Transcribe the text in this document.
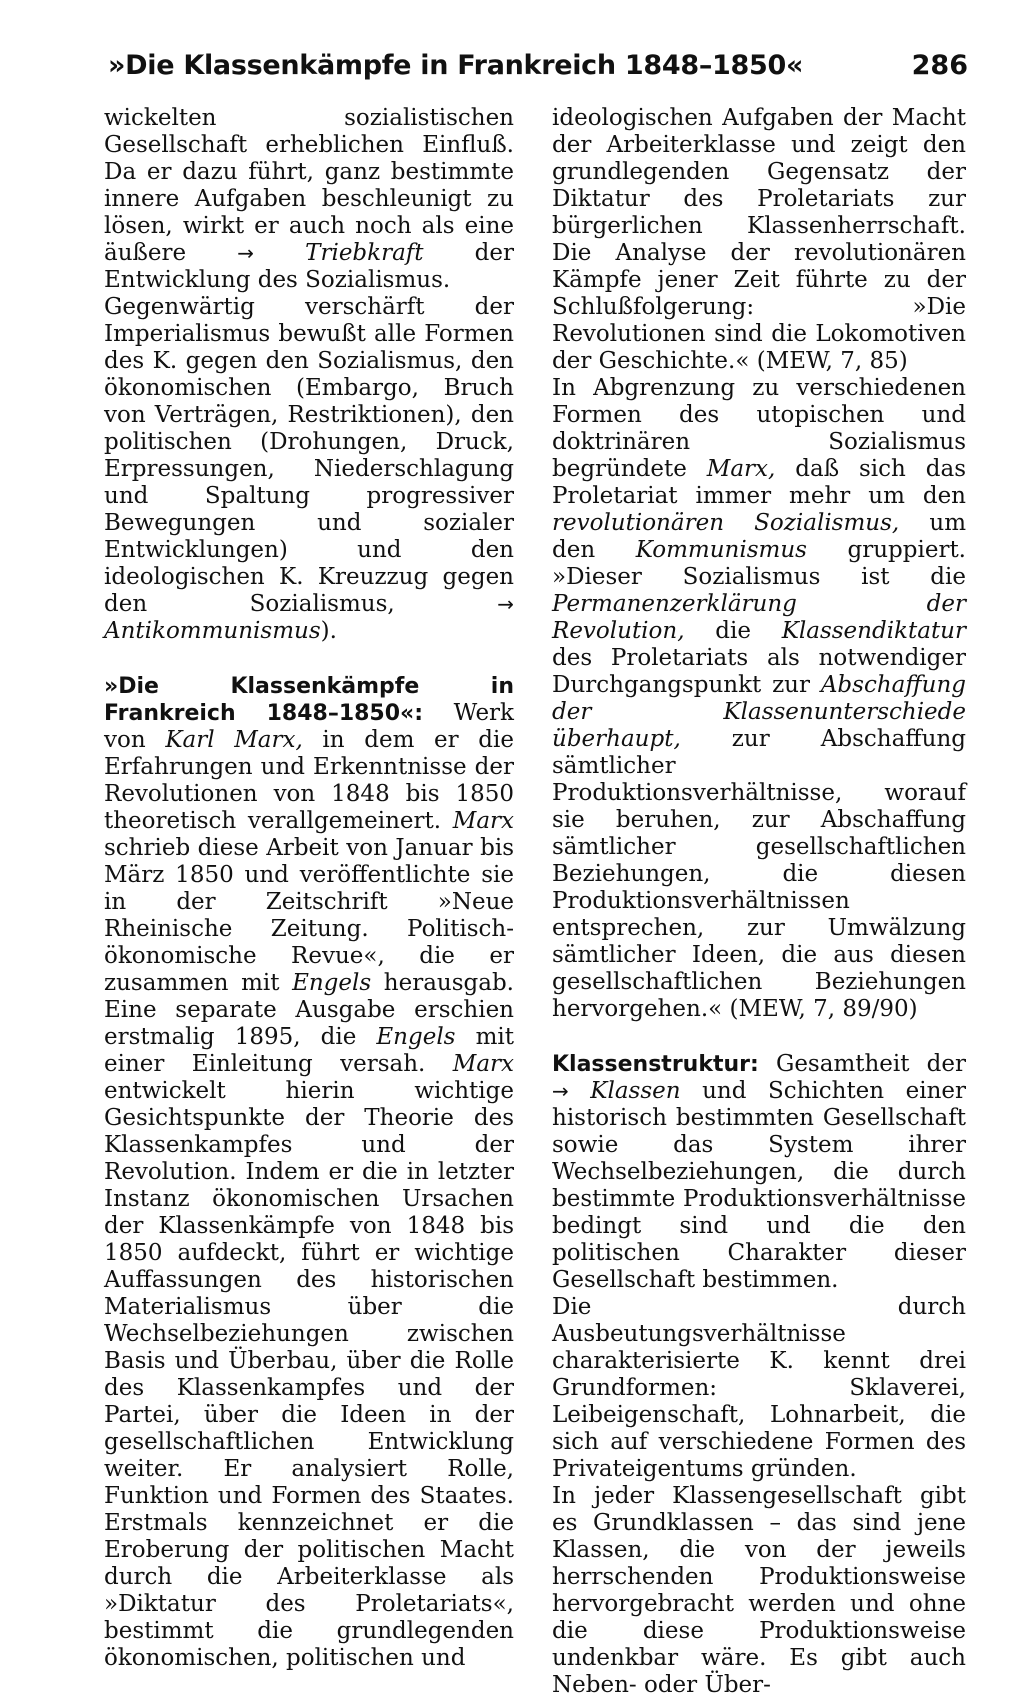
»Die Klassenkämpfe in Frankreich 1848–1850«	286

wickelten sozialistischen Gesellschaft erheblichen Einfluß. Da er dazu führt, ganz bestimmte innere Aufgaben beschleunigt zu lösen, wirkt er auch noch als eine äußere → Triebkraft der Entwicklung des Sozialismus.

Gegenwärtig verschärft der Imperialismus bewußt alle Formen des K. gegen den Sozialismus, den ökonomischen (Embargo, Bruch von Verträgen, Restriktionen), den politischen (Drohungen, Druck, Erpressungen, Niederschlagung und Spaltung progressiver Bewegungen und sozialer Entwicklungen) und den ideologischen K. Kreuzzug gegen den Sozialismus, → Antikommunismus).

»Die Klassenkämpfe in Frankreich 1848–1850«: Werk von Karl Marx, in dem er die Erfahrungen und Erkenntnisse der Revolutionen von 1848 bis 1850 theoretisch verallgemeinert. Marx schrieb diese Arbeit von Januar bis März 1850 und veröffentlichte sie in der Zeitschrift »Neue Rheinische Zeitung. Politisch-ökonomische Revue«, die er zusammen mit Engels herausgab. Eine separate Ausgabe erschien erstmalig 1895, die Engels mit einer Einleitung versah. Marx entwickelt hierin wichtige Gesichtspunkte der Theorie des Klassenkampfes und der Revolution. Indem er die in letzter Instanz ökonomischen Ursachen der Klassenkämpfe von 1848 bis 1850 aufdeckt, führt er wichtige Auffassungen des historischen Materialismus über die Wechselbeziehungen zwischen Basis und Überbau, über die Rolle des Klassenkampfes und der Partei, über die Ideen in der gesellschaftlichen Entwicklung weiter. Er analysiert Rolle, Funktion und Formen des Staates. Erstmals kennzeichnet er die Eroberung der politischen Macht durch die Arbeiterklasse als »Diktatur des Proletariats«, bestimmt die grundlegenden ökonomischen, politischen und

ideologischen Aufgaben der Macht der Arbeiterklasse und zeigt den grundlegenden Gegensatz der Diktatur des Proletariats zur bürgerlichen Klassenherrschaft. Die Analyse der revolutionären Kämpfe jener Zeit führte zu der Schlußfolgerung: »Die Revolutionen sind die Lokomotiven der Geschichte.« (MEW, 7, 85)

In Abgrenzung zu verschiedenen Formen des utopischen und doktrinären Sozialismus begründete Marx, daß sich das Proletariat immer mehr um den revolutionären Sozialismus, um den Kommunismus gruppiert. »Dieser Sozialismus ist die Permanenzerklärung der Revolution, die Klassendiktatur des Proletariats als notwendiger Durchgangspunkt zur Abschaffung der Klassenunterschiede überhaupt, zur Abschaffung sämtlicher Produktionsverhältnisse, worauf sie beruhen, zur Abschaffung sämtlicher gesellschaftlichen Beziehungen, die diesen Produktionsverhältnissen entsprechen, zur Umwälzung sämtlicher Ideen, die aus diesen gesellschaftlichen Beziehungen hervorgehen.« (MEW, 7, 89/90)

Klassenstruktur: Gesamtheit der → Klassen und Schichten einer historisch bestimmten Gesellschaft sowie das System ihrer Wechselbeziehungen, die durch bestimmte Produktionsverhältnisse bedingt sind und die den politischen Charakter dieser Gesellschaft bestimmen.

Die durch Ausbeutungsverhältnisse charakterisierte K. kennt drei Grundformen: Sklaverei, Leibeigenschaft, Lohnarbeit, die sich auf verschiedene Formen des Privateigentums gründen.

In jeder Klassengesellschaft gibt es Grundklassen – das sind jene Klassen, die von der jeweils herrschenden Produktionsweise hervorgebracht werden und ohne die diese Produktionsweise undenkbar wäre. Es gibt auch Neben- oder Über-
